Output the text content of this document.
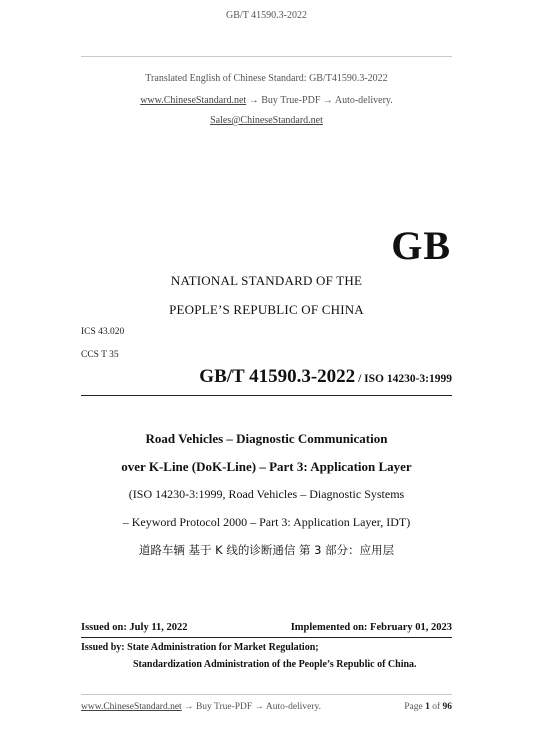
GB/T 41590.3-2022
Translated English of Chinese Standard: GB/T41590.3-2022
www.ChineseStandard.net → Buy True-PDF → Auto-delivery.
Sales@ChineseStandard.net
GB
NATIONAL STANDARD OF THE
PEOPLE’S REPUBLIC OF CHINA
ICS 43.020
CCS T 35
GB/T 41590.3-2022 / ISO 14230-3:1999
Road Vehicles – Diagnostic Communication
over K-Line (DoK-Line) – Part 3: Application Layer
(ISO 14230-3:1999, Road Vehicles – Diagnostic Systems
– Keyword Protocol 2000 – Part 3: Application Layer, IDT)
道路车辆 基于 K 线的诊断通信 第 3 部分：应用层
Issued on: July 11, 2022	Implemented on: February 01, 2023
Issued by: State Administration for Market Regulation;
Standardization Administration of the People’s Republic of China.
www.ChineseStandard.net → Buy True-PDF → Auto-delivery.	Page 1 of 96
